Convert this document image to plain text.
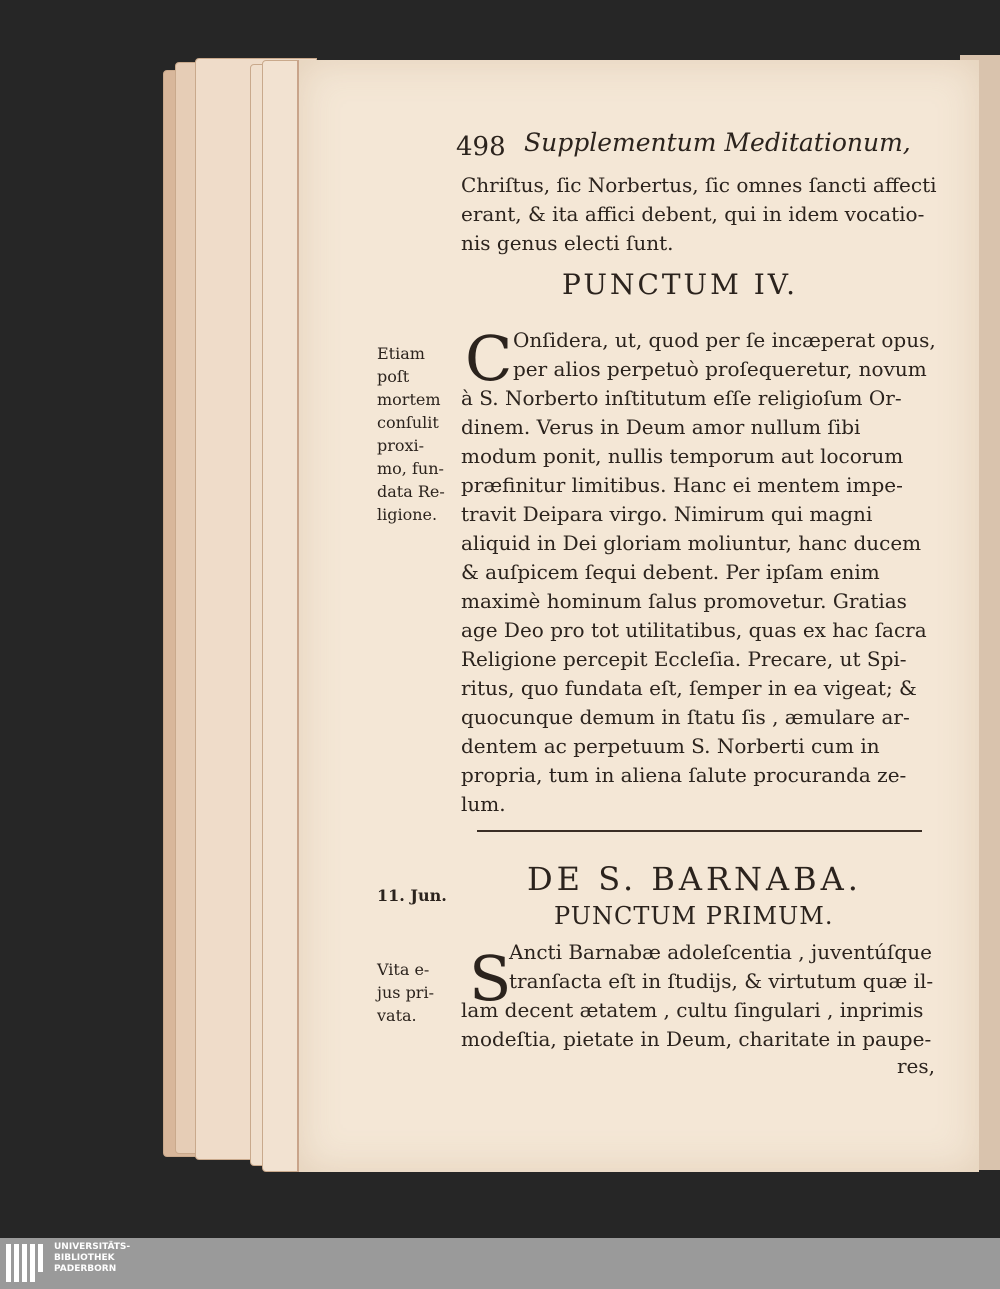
498 Supplementum Meditationum,
Chriſtus, ſic Norbertus, ſic omnes ſancti affecti
erant, & ita affici debent, qui in idem vocatio-
nis genus electi ſunt.
PUNCTUM IV.
C Onſidera, ut, quod per ſe incæperat opus,
per alios perpetuò proſequeretur, novum
à S. Norberto inſtitutum eſſe religioſum Or-
dinem. Verus in Deum amor nullum ſibi
modum ponit, nullis temporum aut locorum
præfinitur limitibus. Hanc ei mentem impe-
travit Deipara virgo. Nimirum qui magni
aliquid in Dei gloriam moliuntur, hanc ducem
& auſpicem ſequi debent. Per ipſam enim
maximè hominum ſalus promovetur. Gratias
age Deo pro tot utilitatibus, quas ex hac ſacra
Religione percepit Eccleſia. Precare, ut Spi-
ritus, quo fundata eſt, ſemper in ea vigeat; &
quocunque demum in ſtatu ſis , æmulare ar-
dentem ac perpetuum S. Norberti cum in
propria, tum in aliena ſalute procuranda ze-
lum.
Etiam
poſt
mortem
conſulit
proxi-
mo, fun-
data Re-
ligione.
11. Jun.	DE S. BARNABA.
PUNCTUM PRIMUM.
S
Ancti Barnabæ adoleſcentia , juventúſque
tranſacta eſt in ſtudijs, & virtutum quæ il-
lam decent ætatem , cultu ſingulari , inprimis
modeſtia, pietate in Deum, charitate in paupe-
res,
Vita e-
jus pri-
vata.
UNIVERSITÄTS-
BIBLIOTHEK
PADERBORN
